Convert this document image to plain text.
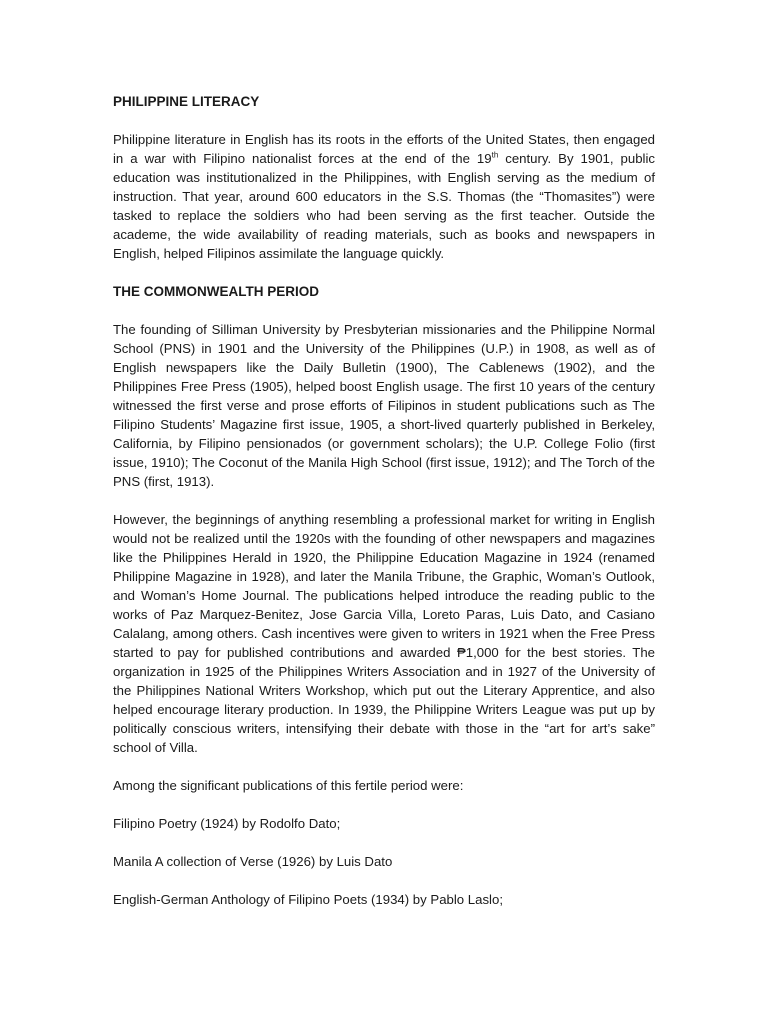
PHILIPPINE LITERACY

Philippine literature in English has its roots in the efforts of the United States, then engaged in a war with Filipino nationalist forces at the end of the 19th century. By 1901, public education was institutionalized in the Philippines, with English serving as the medium of instruction. That year, around 600 educators in the S.S. Thomas (the “Thomasites”) were tasked to replace the soldiers who had been serving as the first teacher. Outside the academe, the wide availability of reading materials, such as books and newspapers in English, helped Filipinos assimilate the language quickly.

THE COMMONWEALTH PERIOD

The founding of Silliman University by Presbyterian missionaries and the Philippine Normal School (PNS) in 1901 and the University of the Philippines (U.P.) in 1908, as well as of English newspapers like the Daily Bulletin (1900), The Cablenews (1902), and the Philippines Free Press (1905), helped boost English usage. The first 10 years of the century witnessed the first verse and prose efforts of Filipinos in student publications such as The Filipino Students’ Magazine first issue, 1905, a short-lived quarterly published in Berkeley, California, by Filipino pensionados (or government scholars); the U.P. College Folio (first issue, 1910); The Coconut of the Manila High School (first issue, 1912); and The Torch of the PNS (first, 1913).

However, the beginnings of anything resembling a professional market for writing in English would not be realized until the 1920s with the founding of other newspapers and magazines like the Philippines Herald in 1920, the Philippine Education Magazine in 1924 (renamed Philippine Magazine in 1928), and later the Manila Tribune, the Graphic, Woman’s Outlook, and Woman’s Home Journal. The publications helped introduce the reading public to the works of Paz Marquez-Benitez, Jose Garcia Villa, Loreto Paras, Luis Dato, and Casiano Calalang, among others. Cash incentives were given to writers in 1921 when the Free Press started to pay for published contributions and awarded ₱1,000 for the best stories. The organization in 1925 of the Philippines Writers Association and in 1927 of the University of the Philippines National Writers Workshop, which put out the Literary Apprentice, and also helped encourage literary production. In 1939, the Philippine Writers League was put up by politically conscious writers, intensifying their debate with those in the “art for art’s sake” school of Villa.

Among the significant publications of this fertile period were:

Filipino Poetry (1924) by Rodolfo Dato;

Manila A collection of Verse (1926) by Luis Dato

English-German Anthology of Filipino Poets (1934) by Pablo Laslo;
